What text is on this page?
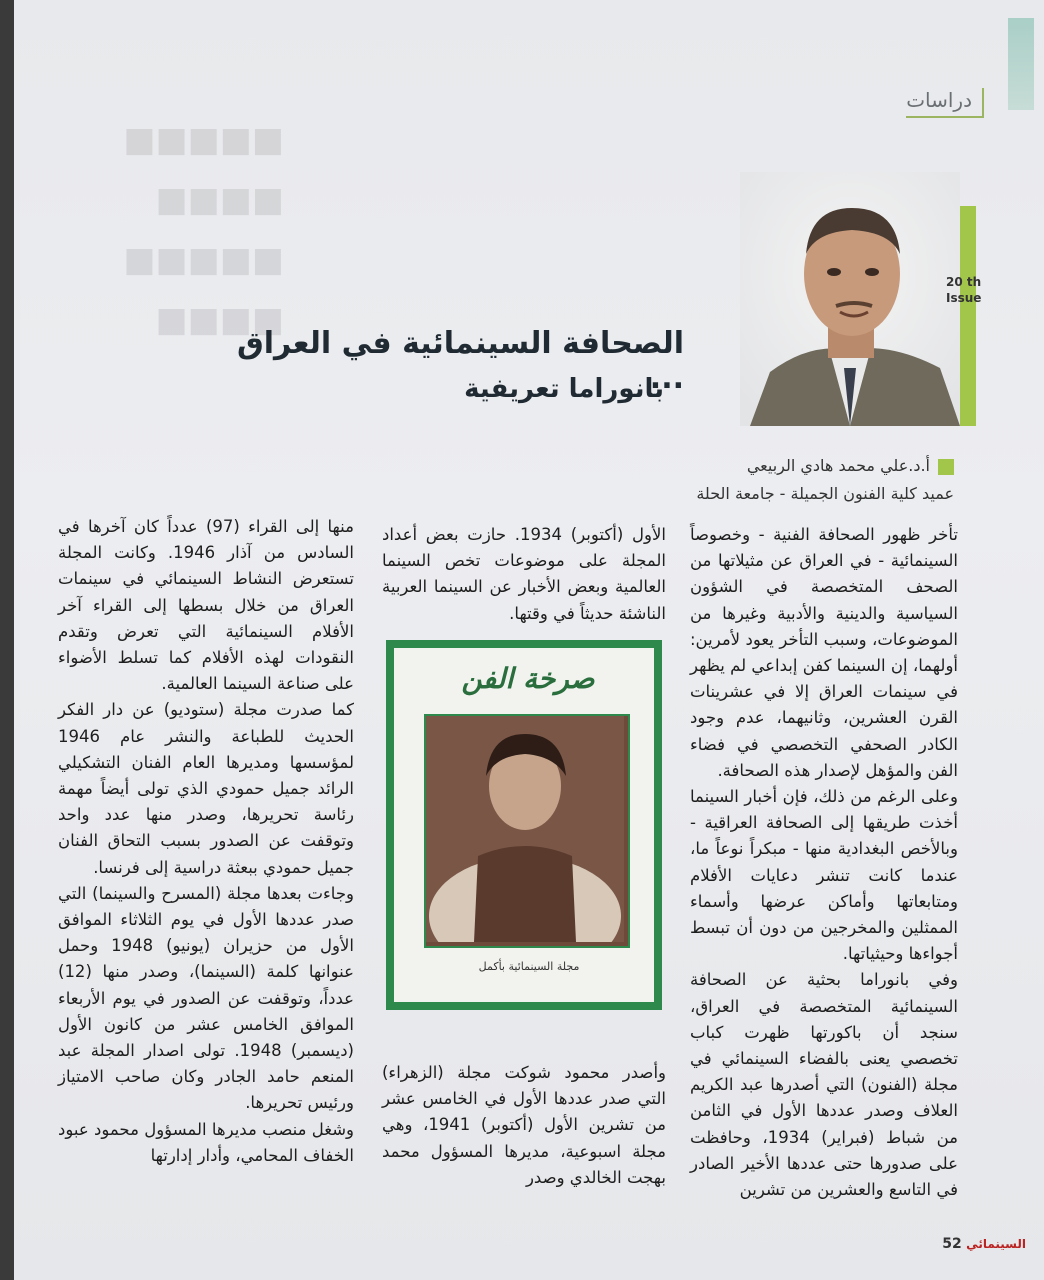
■■■■■
■■■■
■■■■■
■■■■
دراسات
20 th
Issue
الصحافة السينمائية في العراق ...
بانوراما تعريفية
أ.د.علي محمد هادي الربيعي
عميد كلية الفنون الجميلة - جامعة الحلة

تأخر ظهور الصحافة الفنية - وخصوصاً السينمائية - في العراق عن مثيلاتها من الصحف المتخصصة في الشؤون السياسية والدينية والأدبية وغيرها من الموضوعات، وسبب التأخر يعود لأمرين: أولهما، إن السينما كفن إبداعي لم يظهر في سينمات العراق إلا في عشرينات القرن العشرين، وثانيهما، عدم وجود الكادر الصحفي التخصصي في فضاء الفن والمؤهل لإصدار هذه الصحافة.
وعلى الرغم من ذلك، فإن أخبار السينما أخذت طريقها إلى الصحافة العراقية - وبالأخص البغدادية منها - مبكراً نوعاً ما، عندما كانت تنشر دعايات الأفلام ومتابعاتها وأماكن عرضها وأسماء الممثلين والمخرجين من دون أن تبسط أجواءها وحيثياتها.
وفي بانوراما بحثية عن الصحافة السينمائية المتخصصة في العراق، سنجد أن باكورتها ظهرت كباب تخصصي يعنى بالفضاء السينمائي في مجلة (الفنون) التي أصدرها عبد الكريم العلاف وصدر عددها الأول في الثامن من شباط (فبراير) 1934، وحافظت على صدورها حتى عددها الأخير الصادر في التاسع والعشرين من تشرين

الأول (أكتوبر) 1934. حازت بعض أعداد المجلة على موضوعات تخص السينما العالمية وبعض الأخبار عن السينما العربية الناشئة حديثاً في وقتها.

صرخة الفن
مجلة السينمائية بأكمل

وأصدر محمود شوكت مجلة (الزهراء) التي صدر عددها الأول في الخامس عشر من تشرين الأول (أكتوبر) 1941، وهي مجلة اسبوعية، مديرها المسؤول محمد بهجت الخالدي وصدر

منها إلى القراء (97) عدداً كان آخرها في السادس من آذار 1946. وكانت المجلة تستعرض النشاط السينمائي في سينمات العراق من خلال بسطها إلى القراء آخر الأفلام السينمائية التي تعرض وتقدم النقودات لهذه الأفلام كما تسلط الأضواء على صناعة السينما العالمية.
كما صدرت مجلة (ستوديو) عن دار الفكر الحديث للطباعة والنشر عام 1946 لمؤسسها ومديرها العام الفنان التشكيلي الرائد جميل حمودي الذي تولى أيضاً مهمة رئاسة تحريرها، وصدر منها عدد واحد وتوقفت عن الصدور بسبب التحاق الفنان جميل حمودي ببعثة دراسية إلى فرنسا.
وجاءت بعدها مجلة (المسرح والسينما) التي صدر عددها الأول في يوم الثلاثاء الموافق الأول من حزيران (يونيو) 1948 وحمل عنوانها كلمة (السينما)، وصدر منها (12) عدداً، وتوقفت عن الصدور في يوم الأربعاء الموافق الخامس عشر من كانون الأول (ديسمبر) 1948. تولى اصدار المجلة عبد المنعم حامد الجادر وكان صاحب الامتياز ورئيس تحريرها.
وشغل منصب مديرها المسؤول محمود عبود الخفاف المحامي، وأدار إدارتها

السينمائي 52
